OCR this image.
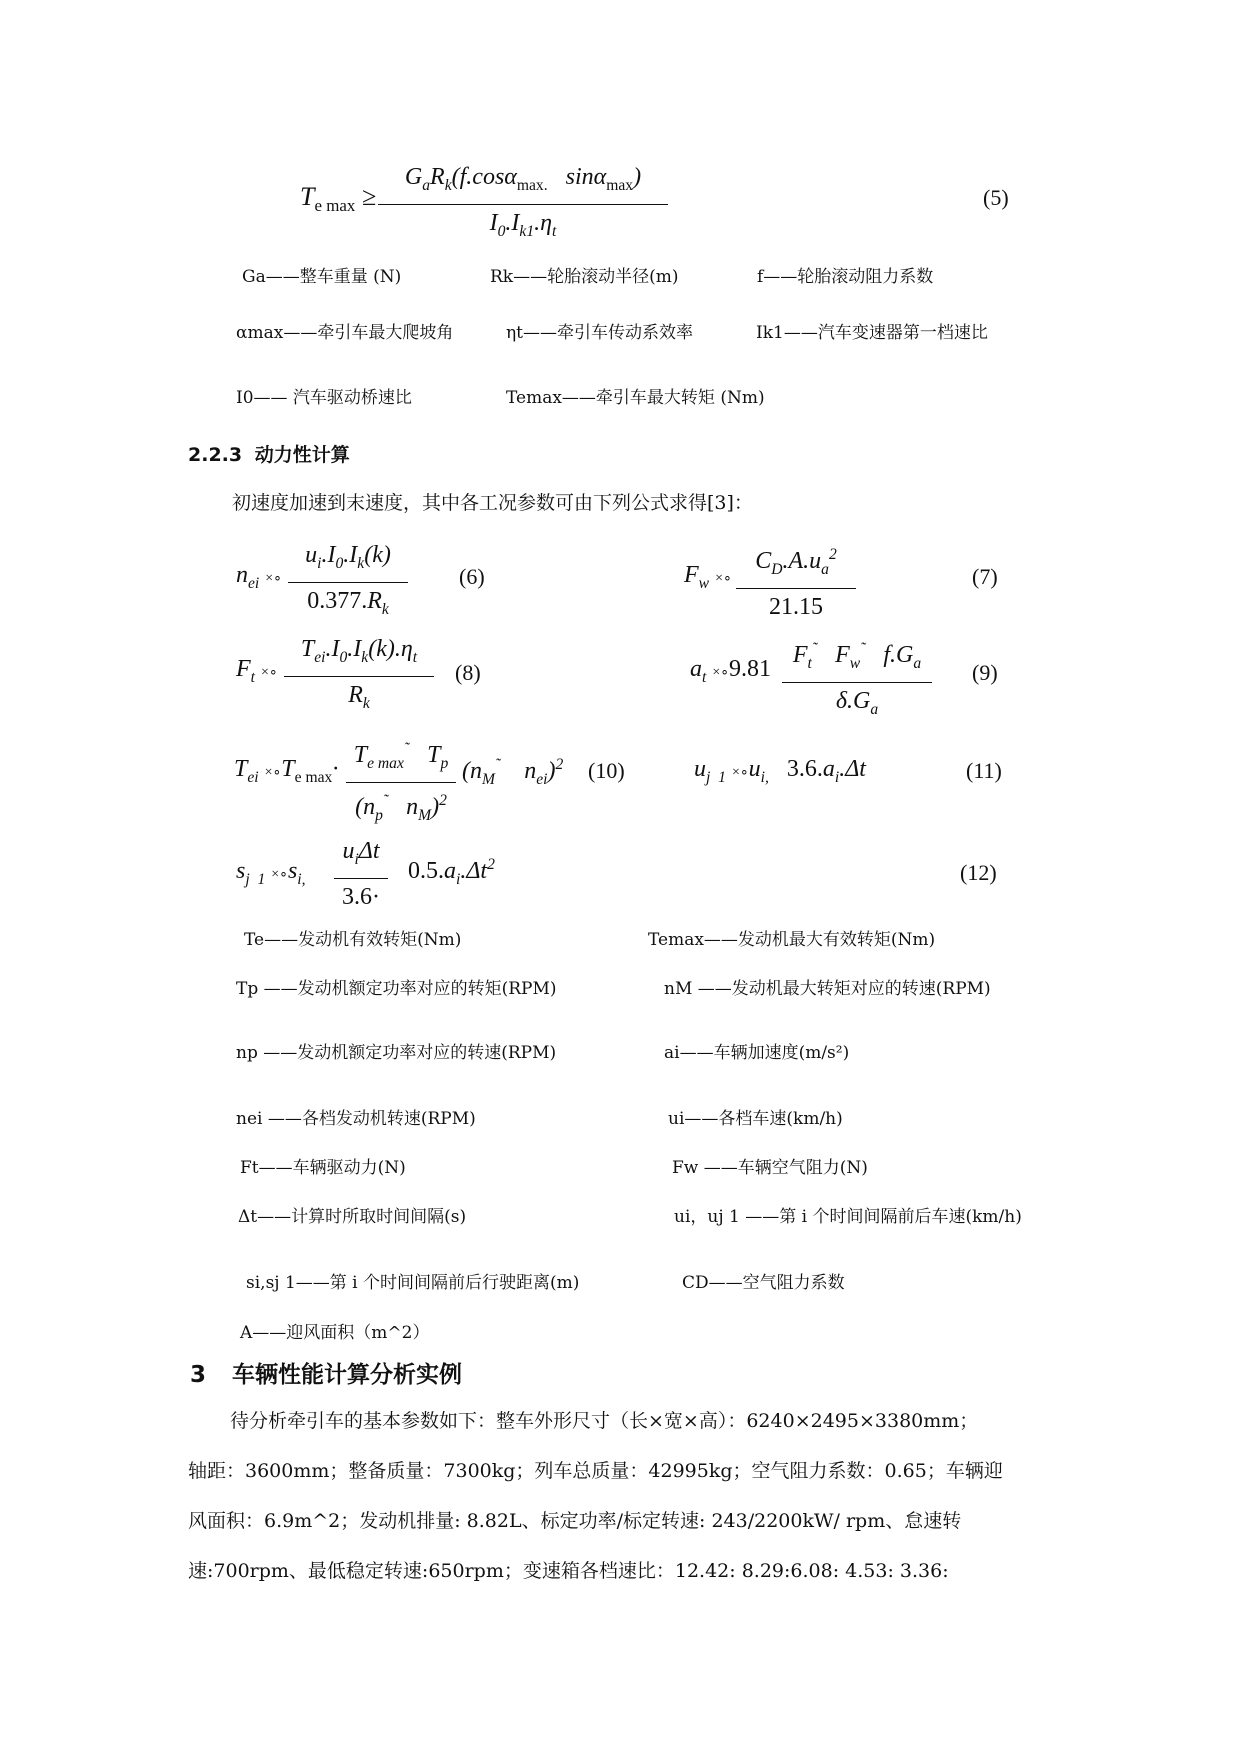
$T_{e max}$ ≥
$G_aR_k(f.\cos\alpha_{max.}$   sinα$_{max}$)
$I_0.I_{k1}.\eta_t$
(5)
Ga——整车重量 (N)	Rk——轮胎滚动半径(m)	f——轮胎滚动阻力系数
αmax——牵引车最大爬坡角	ηt——牵引车传动系效率	Ik1——汽车变速器第一档速比
I0—— 汽车驱动桥速比	Temax——牵引车最大转矩 (Nm)
2.2.3 动力性计算
初速度加速到末速度，其中各工况参数可由下列公式求得[3]：
$n_{ei}$ ×∘
$u_i.I_0.I_k(k)$
$0.377.R_k$
(6)	$F_w$ ×∘
$C_D.A.u_a^2$
21.15
(7)
$F_t$ ×∘
$T_{ei}.I_0.I_k(k).\eta_t$
$R_k$
(8)	$a_t$ ×∘9.81
$F_t^˜$   $F_w^˜$   $f.G_a$
$\delta.G_a$
(9)
$T_{ei}$ $\times\circ T_{e max}\cdot$
$T_{e max}^˜$   $T_p$
($n_p^˜$   $n_M)^2$
($n_M^˜$    $n_{ei})^2$ (10)	$u_{j 1}$ $\times\circ u_{i,}$ $3.6.a_i.\Delta t$	(11)
$s_{j 1}$ $\times\circ s_{i,}$
$u_i\Delta t$
3.6·
$0.5.a_i.\Delta t^2$	(12)
Te——发动机有效转矩(Nm)	Temax——发动机最大有效转矩(Nm)
Tp ——发动机额定功率对应的转矩(RPM)	nM ——发动机最大转矩对应的转速(RPM)
np ——发动机额定功率对应的转速(RPM)	ai——车辆加速度(m/s²)
nei ——各档发动机转速(RPM)	ui——各档车速(km/h)
Ft——车辆驱动力(N)	Fw ——车辆空气阻力(N)
Δt——计算时所取时间间隔(s)	ui，uj 1 ——第 i 个时间间隔前后车速(km/h)
si,sj 1——第 i 个时间间隔前后行驶距离(m)	CD——空气阻力系数
A——迎风面积（m^2）
3 车辆性能计算分析实例
待分析牵引车的基本参数如下：整车外形尺寸（长×宽×高）：6240×2495×3380mm；
轴距：3600mm；整备质量：7300kg；列车总质量：42995kg；空气阻力系数：0.65；车辆迎
风面积：6.9m^2；发动机排量: 8.82L、标定功率/标定转速: 243/2200kW/ rpm、怠速转
速:700rpm、最低稳定转速:650rpm；变速箱各档速比：12.42: 8.29:6.08: 4.53: 3.36:
